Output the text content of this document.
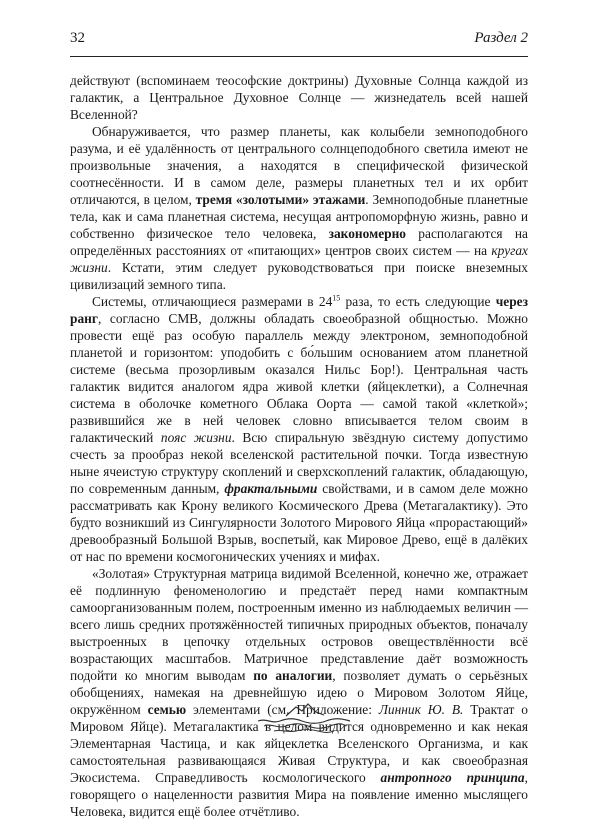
32	Раздел 2

действуют (вспоминаем теософские доктрины) Духовные Солнца каждой из галактик, а Центральное Духовное Солнце — жизнедатель всей нашей Вселенной?

Обнаруживается, что размер планеты, как колыбели земноподобного разума, и её удалённость от центрального солнцеподобного светила имеют не произвольные значения, а находятся в специфической физической соотнесённости. И в самом деле, размеры планетных тел и их орбит отличаются, в целом, тремя «золотыми» этажами. Земноподобные планетные тела, как и сама планетная система, несущая антропоморфную жизнь, равно и собственно физическое тело человека, закономерно располагаются на определённых расстояниях от «питающих» центров своих систем — на кругах жизни. Кстати, этим следует руководствоваться при поиске внеземных цивилизаций земного типа.

Системы, отличающиеся размерами в $24^{15}$ раза, то есть следующие через ранг, согласно СМВ, должны обладать своеобразной общностью. Можно провести ещё раз особую параллель между электроном, земноподобной планетой и горизонтом: уподобить с бо́льшим основанием атом планетной системе (весьма прозорливым оказался Нильс Бор!). Центральная часть галактик видится аналогом ядра живой клетки (яйцеклетки), а Солнечная система в оболочке кометного Облака Оорта — самой такой «клеткой»; развившийся же в ней человек словно вписывается телом своим в галактический пояс жизни. Всю спиральную звёздную систему допустимо счесть за прообраз некой вселенской растительной почки. Тогда известную ныне ячеистую структуру скоплений и сверхскоплений галактик, обладающую, по современным данным, фрактальными свойствами, и в самом деле можно рассматривать как Крону великого Космического Древа (Метагалактику). Это будто возникший из Сингулярности Золотого Мирового Яйца «прорастающий» древообразный Большой Взрыв, воспетый, как Мировое Древо, ещё в далёких от нас по времени космогонических учениях и мифах.

«Золотая» Структурная матрица видимой Вселенной, конечно же, отражает её подлинную феноменологию и предстаёт перед нами компактным самоорганизованным полем, построенным именно из наблюдаемых величин — всего лишь средних протяжённостей типичных природных объектов, поначалу выстроенных в цепочку отдельных островов овеществлённости всё возрастающих масштабов. Матричное представление даёт возможность подойти ко многим выводам по аналогии, позволяет думать о серьёзных обобщениях, намекая на древнейшую идею о Мировом Золотом Яйце, окружённом семью элементами (см. Приложение: Линник Ю. В. Трактат о Мировом Яйце). Метагалактика в целом видится одновременно и как некая Элементарная Частица, и как яйцеклетка Вселенского Организма, и как самостоятельная развивающаяся Живая Структура, и как своеобразная Экосистема. Справедливость космологического антропного принципа, говорящего о нацеленности развития Мира на появление именно мыслящего Человека, видится ещё более отчётливо.
